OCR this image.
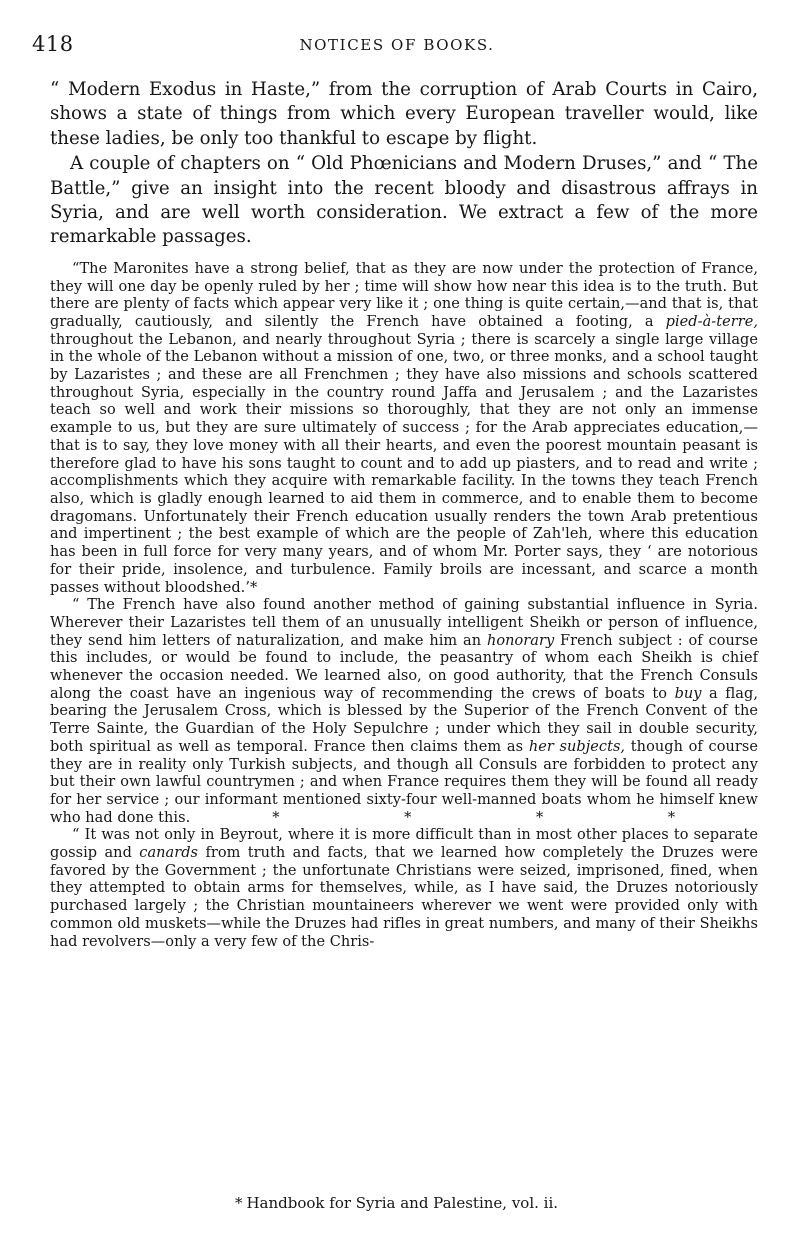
418	NOTICES OF BOOKS.

“ Modern Exodus in Haste,” from the corruption of Arab Courts in Cairo, shows a state of things from which every European traveller would, like these ladies, be only too thankful to escape by flight.

A couple of chapters on “ Old Phœnicians and Modern Druses,” and “ The Battle,” give an insight into the recent bloody and disastrous affrays in Syria, and are well worth consideration. We extract a few of the more remarkable passages.

“The Maronites have a strong belief, that as they are now under the protection of France, they will one day be openly ruled by her ; time will show how near this idea is to the truth. But there are plenty of facts which appear very like it ; one thing is quite certain,—and that is, that gradually, cautiously, and silently the French have obtained a footing, a pied-à-terre, throughout the Lebanon, and nearly throughout Syria ; there is scarcely a single large village in the whole of the Lebanon without a mission of one, two, or three monks, and a school taught by Lazaristes ; and these are all Frenchmen ; they have also missions and schools scattered throughout Syria, especially in the country round Jaffa and Jerusalem ; and the Lazaristes teach so well and work their missions so thoroughly, that they are not only an immense example to us, but they are sure ultimately of success ; for the Arab appreciates education,—that is to say, they love money with all their hearts, and even the poorest mountain peasant is therefore glad to have his sons taught to count and to add up piasters, and to read and write ; accomplishments which they acquire with remarkable facility. In the towns they teach French also, which is gladly enough learned to aid them in commerce, and to enable them to become dragomans. Unfortunately their French education usually renders the town Arab pretentious and impertinent ; the best example of which are the people of Zah'leh, where this education has been in full force for very many years, and of whom Mr. Porter says, they ‘ are notorious for their pride, insolence, and turbulence. Family broils are incessant, and scarce a month passes without bloodshed.’*

“ The French have also found another method of gaining substantial influence in Syria. Wherever their Lazaristes tell them of an unusually intelligent Sheikh or person of influence, they send him letters of naturalization, and make him an honorary French subject : of course this includes, or would be found to include, the peasantry of whom each Sheikh is chief whenever the occasion needed. We learned also, on good authority, that the French Consuls along the coast have an ingenious way of recommending the crews of boats to buy a flag, bearing the Jerusalem Cross, which is blessed by the Superior of the French Convent of the Terre Sainte, the Guardian of the Holy Sepulchre ; under which they sail in double security, both spiritual as well as temporal. France then claims them as her subjects, though of course they are in reality only Turkish subjects, and though all Consuls are forbidden to protect any but their own lawful countrymen ; and when France requires them they will be found all ready for her service ; our informant mentioned sixty-four well-manned boats whom he himself knew who had done this.	* * * *

“ It was not only in Beyrout, where it is more difficult than in most other places to separate gossip and canards from truth and facts, that we learned how completely the Druzes were favored by the Government ; the unfortunate Christians were seized, imprisoned, fined, when they attempted to obtain arms for themselves, while, as I have said, the Druzes notoriously purchased largely ; the Christian mountaineers wherever we went were provided only with common old muskets—while the Druzes had rifles in great numbers, and many of their Sheikhs had revolvers—only a very few of the Chris-

* Handbook for Syria and Palestine, vol. ii.
